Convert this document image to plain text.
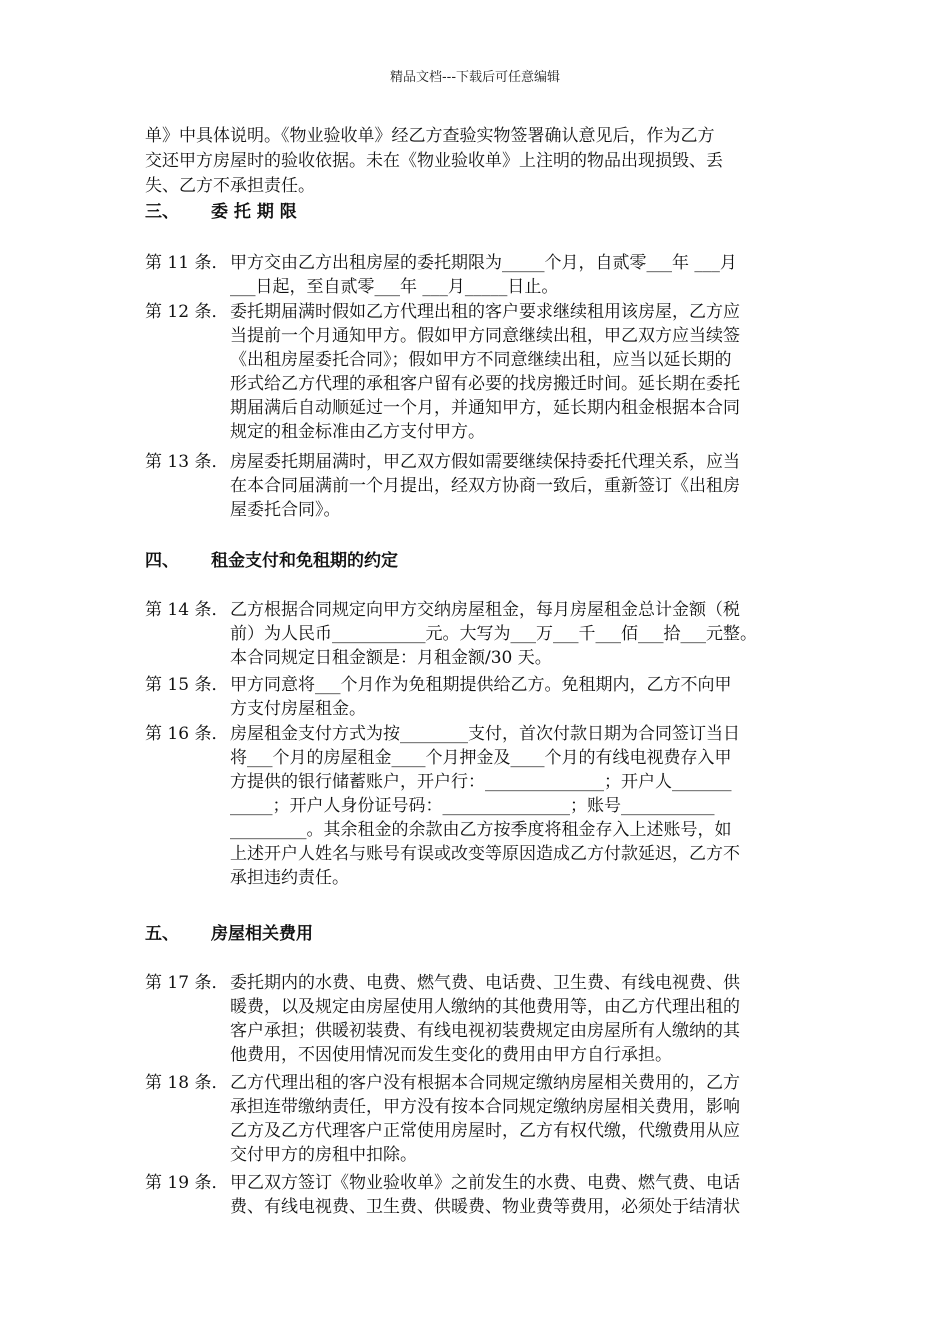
精品文档---下载后可任意编辑
单》中具体说明。《物业验收单》经乙方查验实物签署确认意见后，作为乙方
交还甲方房屋时的验收依据。未在《物业验收单》上注明的物品出现损毁、丢
失、乙方不承担责任。
三、 委 托 期 限
第 11 条． 甲方交由乙方出租房屋的委托期限为_____个月，自贰零___年 ___月
___日起，至自贰零___年 ___月_____日止。
第 12 条． 委托期届满时假如乙方代理出租的客户要求继续租用该房屋，乙方应
当提前一个月通知甲方。假如甲方同意继续出租，甲乙双方应当续签
《出租房屋委托合同》；假如甲方不同意继续出租，应当以延长期的
形式给乙方代理的承租客户留有必要的找房搬迁时间。延长期在委托
期届满后自动顺延过一个月，并通知甲方，延长期内租金根据本合同
规定的租金标准由乙方支付甲方。
第 13 条． 房屋委托期届满时，甲乙双方假如需要继续保持委托代理关系，应当
在本合同届满前一个月提出，经双方协商一致后，重新签订《出租房
屋委托合同》。
四、 租金支付和免租期的约定
第 14 条． 乙方根据合同规定向甲方交纳房屋租金，每月房屋租金总计金额（税
前）为人民币___________元。大写为___万___千___佰___拾___元整。
本合同规定日租金额是：月租金额/30 天。
第 15 条． 甲方同意将___个月作为免租期提供给乙方。免租期内，乙方不向甲
方支付房屋租金。
第 16 条． 房屋租金支付方式为按________支付，首次付款日期为合同签订当日
将___个月的房屋租金____个月押金及____个月的有线电视费存入甲
方提供的银行储蓄账户，开户行：______________；开户人_______
_____；开户人身份证号码：_______________；账号___________
_________。其余租金的余款由乙方按季度将租金存入上述账号，如
上述开户人姓名与账号有误或改变等原因造成乙方付款延迟，乙方不
承担违约责任。
五、 房屋相关费用
第 17 条． 委托期内的水费、电费、燃气费、电话费、卫生费、有线电视费、供
暖费，以及规定由房屋使用人缴纳的其他费用等，由乙方代理出租的
客户承担；供暖初装费、有线电视初装费规定由房屋所有人缴纳的其
他费用，不因使用情况而发生变化的费用由甲方自行承担。
第 18 条． 乙方代理出租的客户没有根据本合同规定缴纳房屋相关费用的，乙方
承担连带缴纳责任，甲方没有按本合同规定缴纳房屋相关费用，影响
乙方及乙方代理客户正常使用房屋时，乙方有权代缴，代缴费用从应
交付甲方的房租中扣除。
第 19 条． 甲乙双方签订《物业验收单》之前发生的水费、电费、燃气费、电话
费、有线电视费、卫生费、供暖费、物业费等费用，必须处于结清状
